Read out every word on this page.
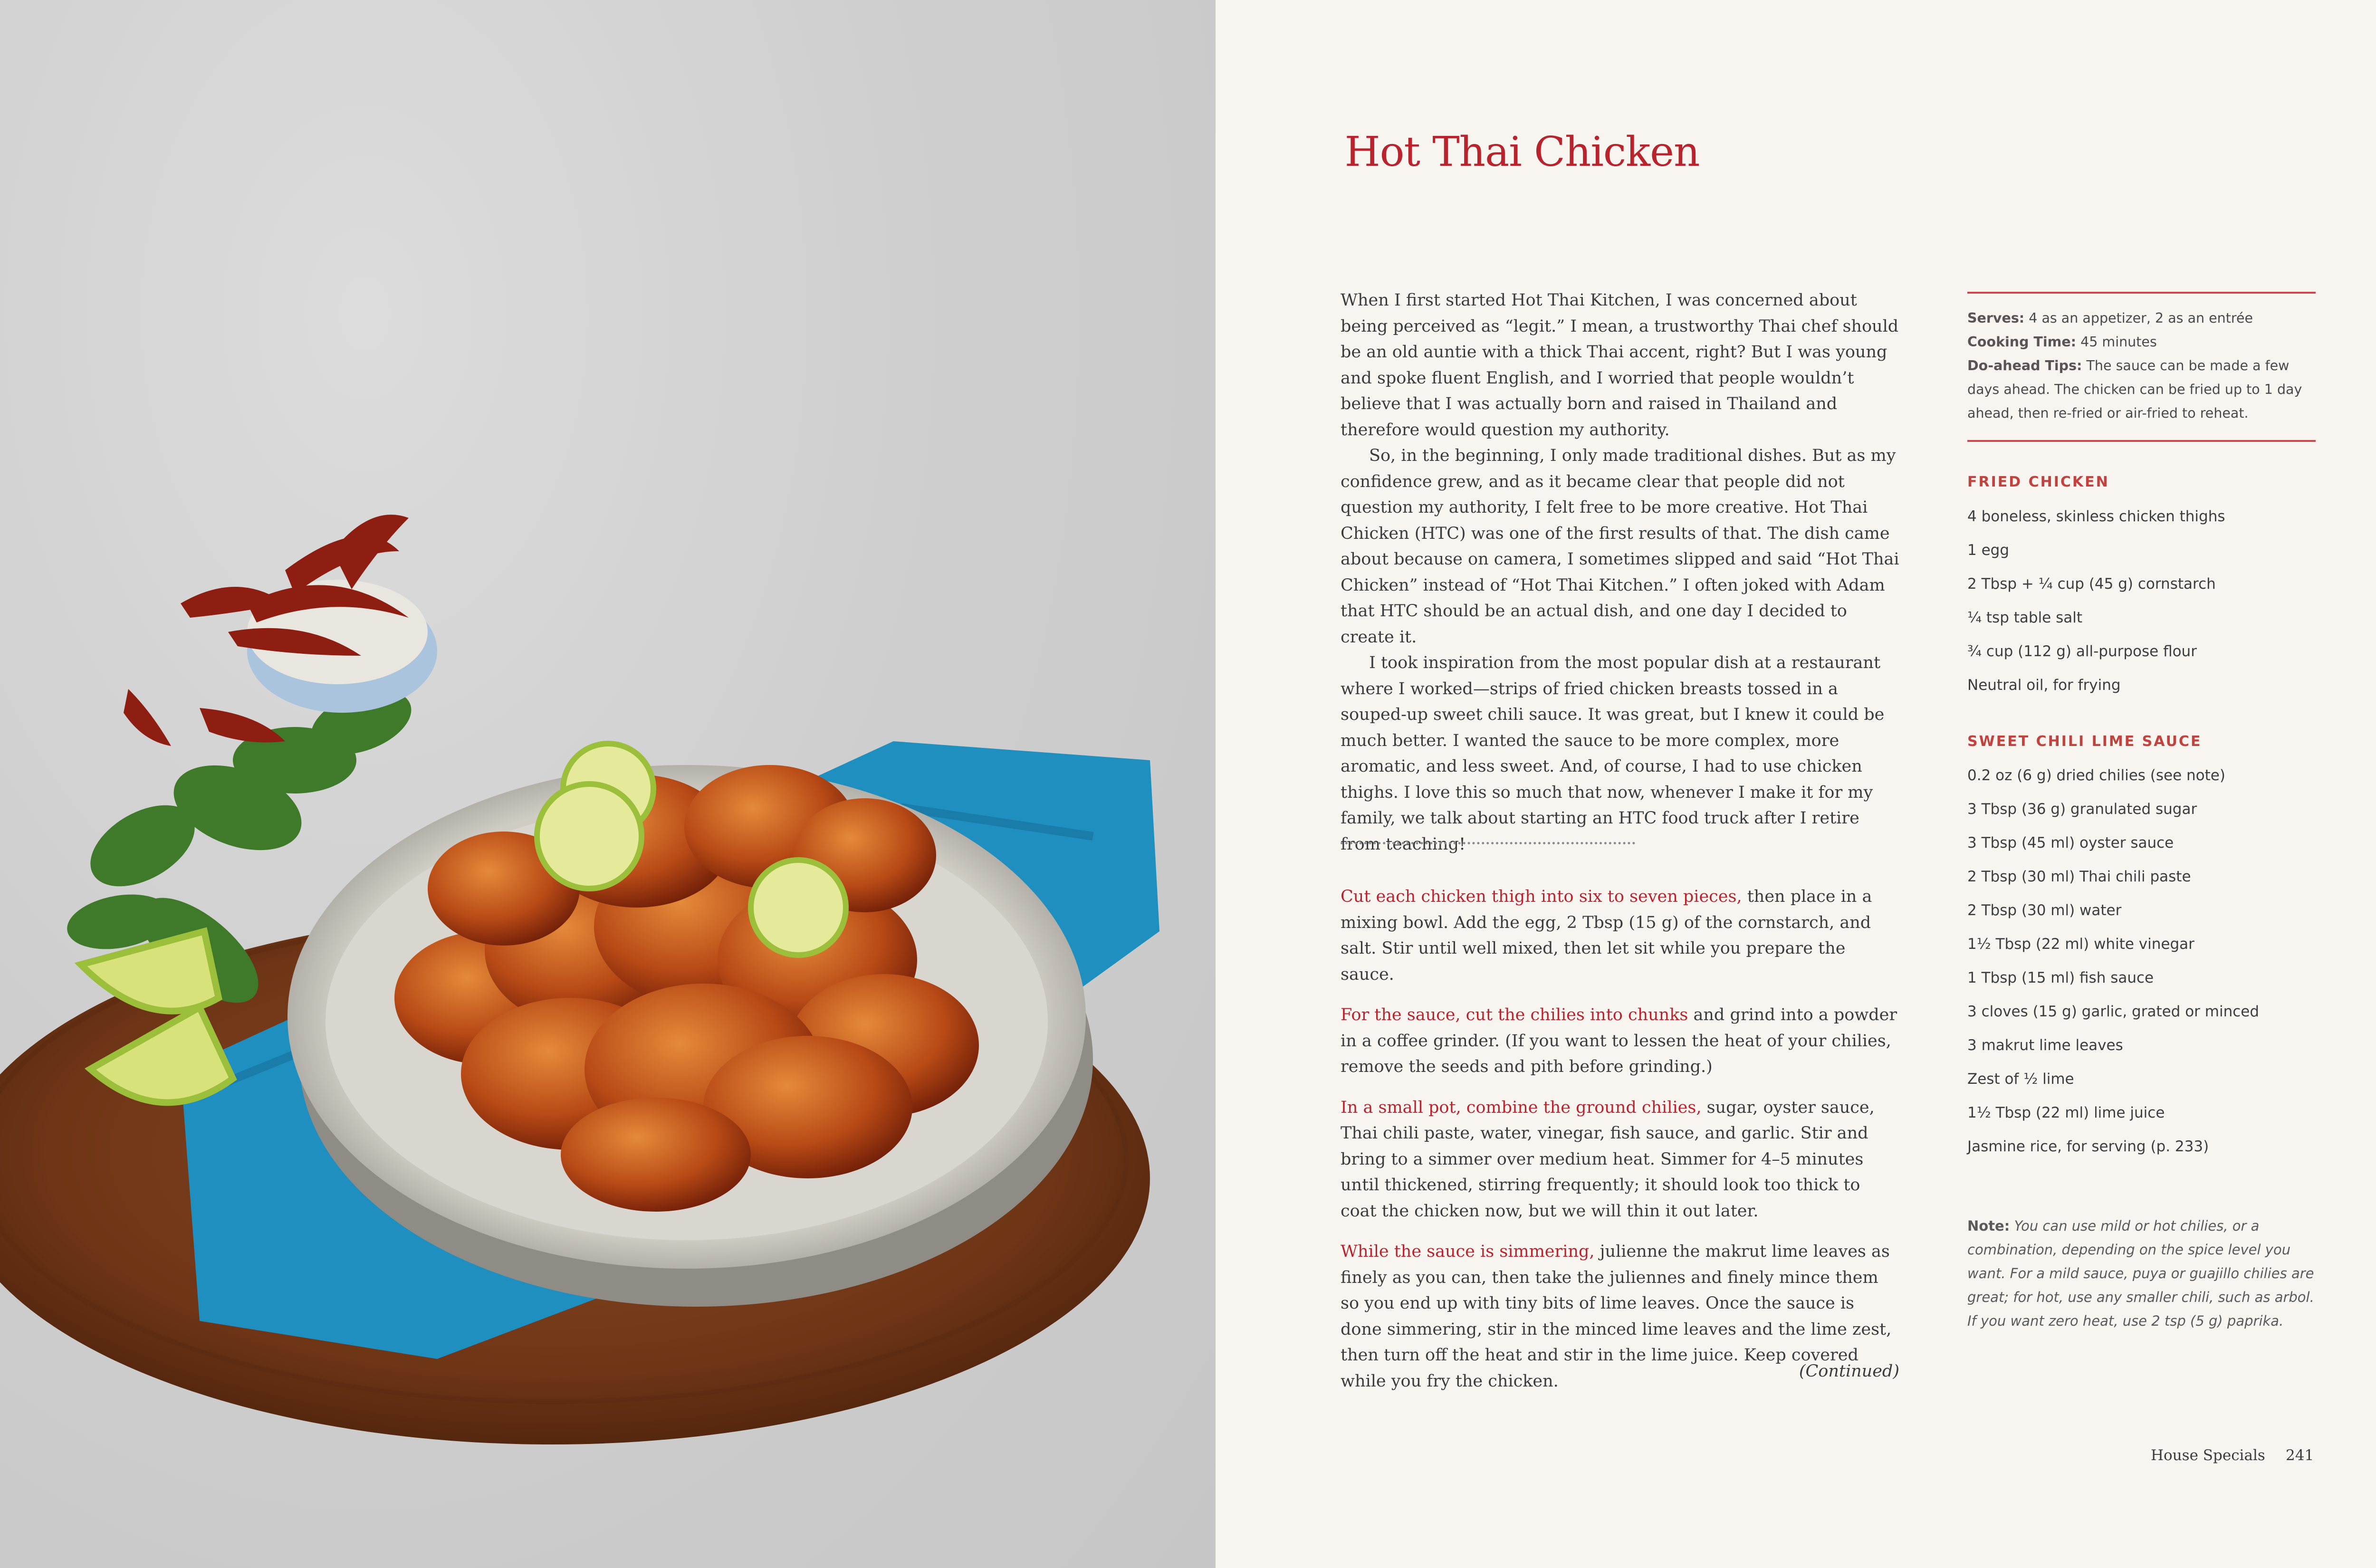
Hot Thai Chicken

When I first started Hot Thai Kitchen, I was concerned about being perceived as “legit.” I mean, a trustworthy Thai chef should be an old auntie with a thick Thai accent, right? But I was young and spoke fluent English, and I worried that people wouldn’t believe that I was actually born and raised in Thailand and therefore would question my authority.

So, in the beginning, I only made traditional dishes. But as my confidence grew, and as it became clear that people did not question my authority, I felt free to be more creative. Hot Thai Chicken (HTC) was one of the first results of that. The dish came about because on camera, I sometimes slipped and said “Hot Thai Chicken” instead of “Hot Thai Kitchen.” I often joked with Adam that HTC should be an actual dish, and one day I decided to create it.

I took inspiration from the most popular dish at a restaurant where I worked—strips of fried chicken breasts tossed in a souped-up sweet chili sauce. It was great, but I knew it could be much better. I wanted the sauce to be more complex, more aromatic, and less sweet. And, of course, I had to use chicken thighs. I love this so much that now, whenever I make it for my family, we talk about starting an HTC food truck after I retire from teaching!

Cut each chicken thigh into six to seven pieces, then place in a mixing bowl. Add the egg, 2 Tbsp (15 g) of the cornstarch, and salt. Stir until well mixed, then let sit while you prepare the sauce.

For the sauce, cut the chilies into chunks and grind into a powder in a coffee grinder. (If you want to lessen the heat of your chilies, remove the seeds and pith before grinding.)

In a small pot, combine the ground chilies, sugar, oyster sauce, Thai chili paste, water, vinegar, fish sauce, and garlic. Stir and bring to a simmer over medium heat. Simmer for 4–5 minutes until thickened, stirring frequently; it should look too thick to coat the chicken now, but we will thin it out later.

While the sauce is simmering, julienne the makrut lime leaves as finely as you can, then take the juliennes and finely mince them so you end up with tiny bits of lime leaves. Once the sauce is done simmering, stir in the minced lime leaves and the lime zest, then turn off the heat and stir in the lime juice. Keep covered while you fry the chicken.

(Continued)
Serves: 4 as an appetizer, 2 as an entrée
Cooking Time: 45 minutes
Do-ahead Tips: The sauce can be made a few days ahead. The chicken can be fried up to 1 day ahead, then re-fried or air-fried to reheat.
FRIED CHICKEN
4 boneless, skinless chicken thighs
1 egg
2 Tbsp + ¼ cup (45 g) cornstarch
¼ tsp table salt
¾ cup (112 g) all-purpose flour
Neutral oil, for frying
SWEET CHILI LIME SAUCE
0.2 oz (6 g) dried chilies (see note)
3 Tbsp (36 g) granulated sugar
3 Tbsp (45 ml) oyster sauce
2 Tbsp (30 ml) Thai chili paste
2 Tbsp (30 ml) water
1½ Tbsp (22 ml) white vinegar
1 Tbsp (15 ml) fish sauce
3 cloves (15 g) garlic, grated or minced
3 makrut lime leaves
Zest of ½ lime
1½ Tbsp (22 ml) lime juice
Jasmine rice, for serving (p. 233)
Note: You can use mild or hot chilies, or a combination, depending on the spice level you want. For a mild sauce, puya or guajillo chilies are great; for hot, use any smaller chili, such as arbol. If you want zero heat, use 2 tsp (5 g) paprika.
House Specials 241
